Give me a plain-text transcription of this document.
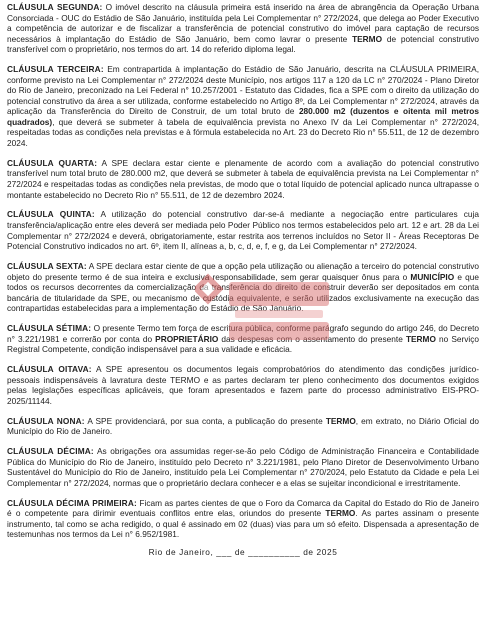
CLÁUSULA SEGUNDA: O imóvel descrito na cláusula primeira está inserido na área de abrangência da Operação Urbana Consorciada - OUC do Estádio de São Januário, instituída pela Lei Complementar n° 272/2024, que delega ao Poder Executivo a competência de autorizar e de fiscalizar a transferência de potencial construtivo do imóvel para captação de recursos necessários à implantação do Estádio de São Januário, bem como lavrar o presente TERMO de potencial construtivo transferível com o proprietário, nos termos do art. 14 do referido diploma legal.

CLÁUSULA TERCEIRA: Em contrapartida à implantação do Estádio de São Januário, descrita na CLÁUSULA PRIMEIRA, conforme previsto na Lei Complementar n° 272/2024 deste Município, nos artigos 117 a 120 da LC n° 270/2024 - Plano Diretor do Rio de Janeiro, preconizado na Lei Federal n° 10.257/2001 - Estatuto das Cidades, fica a SPE com o direito da utilização do potencial construtivo da área a ser utilizada, conforme estabelecido no Artigo 8º, da Lei Complementar n° 272/2024, através da aplicação da Transferência do Direito de Construir, de um total bruto de 280.000 m2 (duzentos e oitenta mil metros quadrados), que deverá se submeter à tabela de equivalência prevista no Anexo IV da Lei Complementar n° 272/2024, respeitadas todas as condições nela previstas e à fórmula estabelecida no Art. 23 do Decreto Rio n° 55.511, de 12 de dezembro 2024.

CLÁUSULA QUARTA: A SPE declara estar ciente e plenamente de acordo com a avaliação do potencial construtivo transferível num total bruto de 280.000 m2, que deverá se submeter à tabela de equivalência prevista na Lei Complementar n° 272/2024 e respeitadas todas as condições nela previstas, de modo que o total líquido de potencial aplicado nunca ultrapasse o montante estabelecido no Decreto Rio n° 55.511, de 12 de dezembro 2024.

CLÁUSULA QUINTA: A utilização do potencial construtivo dar-se-á mediante a negociação entre particulares cuja transferência/aplicação entre eles deverá ser mediada pelo Poder Público nos termos estabelecidos pelo art. 12 e art. 28 da Lei Complementar n° 272/2024 e deverá, obrigatoriamente, estar restrita aos terrenos incluídos no Setor II - Áreas Receptoras De Potencial Construtivo indicados no art. 6º, item II, alíneas a, b, c, d, e, f, e g, da Lei Complementar n° 272/2024.

CLÁUSULA SEXTA: A SPE declara estar ciente de que a opção pela utilização ou alienação a terceiro do potencial construtivo objeto do presente termo é de sua inteira e exclusiva responsabilidade, sem gerar quaisquer ônus para o MUNICÍPIO e que todos os recursos decorrentes da comercialização da transferência do direito de construir deverão ser depositados em conta bancária de titularidade da SPE, ou mecanismo de custódia equivalente, e serão utilizados exclusivamente na execução das contrapartidas estabelecidas para a implementação do Estádio de São Januário.

CLÁUSULA SÉTIMA: O presente Termo tem força de escritura pública, conforme parágrafo segundo do artigo 246, do Decreto n° 3.221/1981 e correrão por conta do PROPRIETÁRIO das despesas com o assentamento do presente TERMO no Serviço Registral Competente, condição indispensável para a sua validade e eficácia.

CLÁUSULA OITAVA: A SPE apresentou os documentos legais comprobatórios do atendimento das condições jurídico-pessoais indispensáveis à lavratura deste TERMO e as partes declaram ter pleno conhecimento dos documentos exigidos pelas legislações específicas aplicáveis, que foram apresentados e fazem parte do processo administrativo EIS-PRO-2025/11144.

CLÁUSULA NONA: A SPE providenciará, por sua conta, a publicação do presente TERMO, em extrato, no Diário Oficial do Município do Rio de Janeiro.

CLÁUSULA DÉCIMA: As obrigações ora assumidas reger-se-ão pelo Código de Administração Financeira e Contabilidade Pública do Município do Rio de Janeiro, instituído pelo Decreto n° 3.221/1981, pelo Plano Diretor de Desenvolvimento Urbano Sustentável do Município do Rio de Janeiro, instituído pela Lei Complementar n° 270/2024, pelo Estatuto da Cidade e pela Lei Complementar n° 272/2024, normas que o proprietário declara conhecer e a elas se sujeitar incondicional e irrestritamente.

CLÁUSULA DÉCIMA PRIMEIRA: Ficam as partes cientes de que o Foro da Comarca da Capital do Estado do Rio de Janeiro é o competente para dirimir eventuais conflitos entre elas, oriundos do presente TERMO. As partes assinam o presente instrumento, tal como se acha redigido, o qual é assinado em 02 (duas) vias para um só efeito. Dispensada a apresentação de testemunhas nos termos da Lei n° 6.952/1981.

Rio de Janeiro, ___ de __________ de 2025
